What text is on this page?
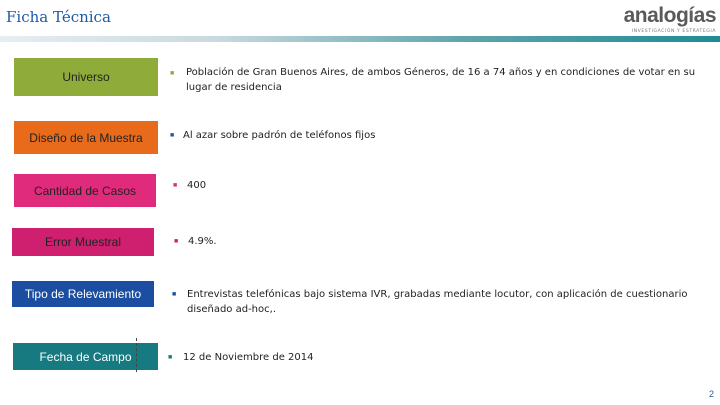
Ficha Técnica	analogías
INVESTIGACIÓN Y ESTRATEGIA
Universo	■ Población de Gran Buenos Aires, de ambos Géneros, de 16 a 74 años y en condiciones de votar en su lugar de residencia
Diseño de la Muestra	■ Al azar sobre padrón de teléfonos fijos
Cantidad de Casos	■ 400
Error Muestral	■ 4.9%.
Tipo de Relevamiento	■ Entrevistas telefónicas bajo sistema IVR, grabadas mediante locutor, con aplicación de cuestionario diseñado ad-hoc,.
Fecha de Campo	■ 12 de Noviembre de 2014
2
